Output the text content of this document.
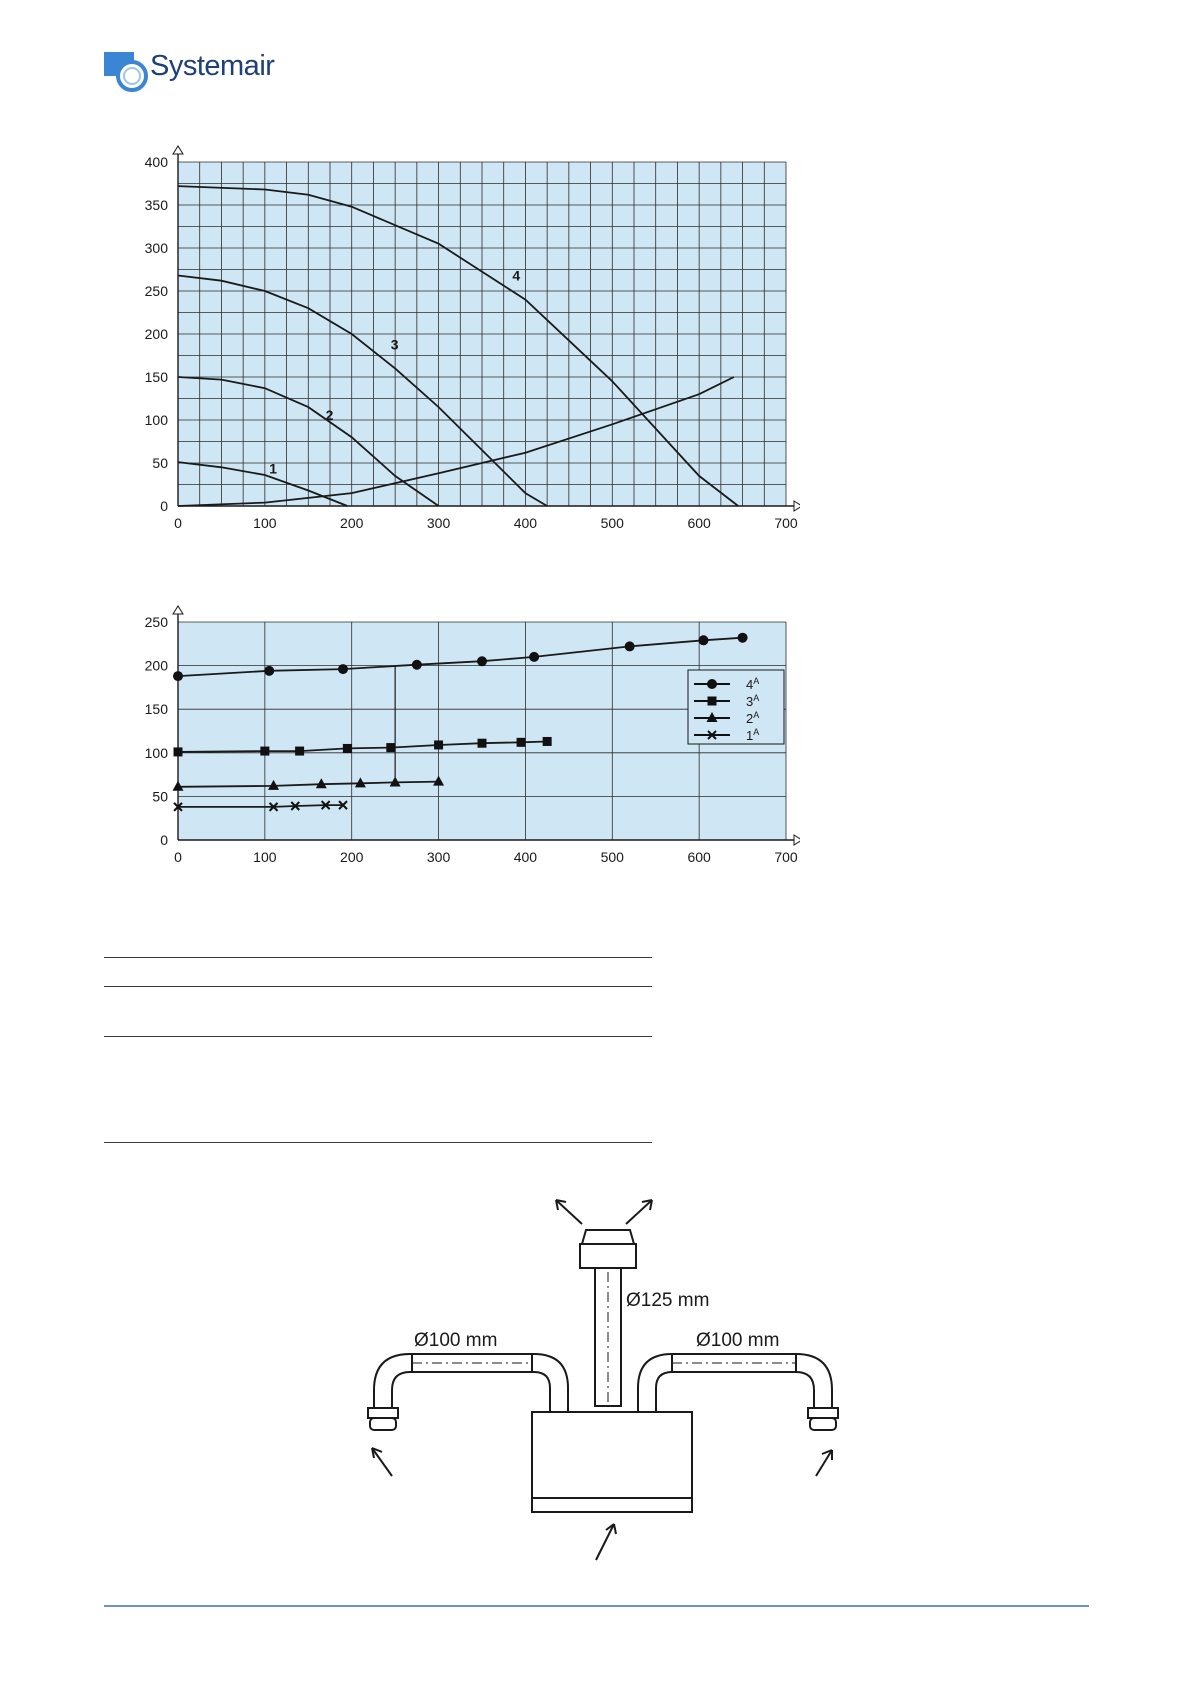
Systemair
0	100	200	300	400	500	600	700
0
50
100
150
200
250
300
350
400
1
2
3
4
0	100	200	300	400	500	600	700
0
50
100
150
200
250
$4^A$
$3^A$
$2^A$
$1^A$
Ø125 mm
Ø100 mm	Ø100 mm
